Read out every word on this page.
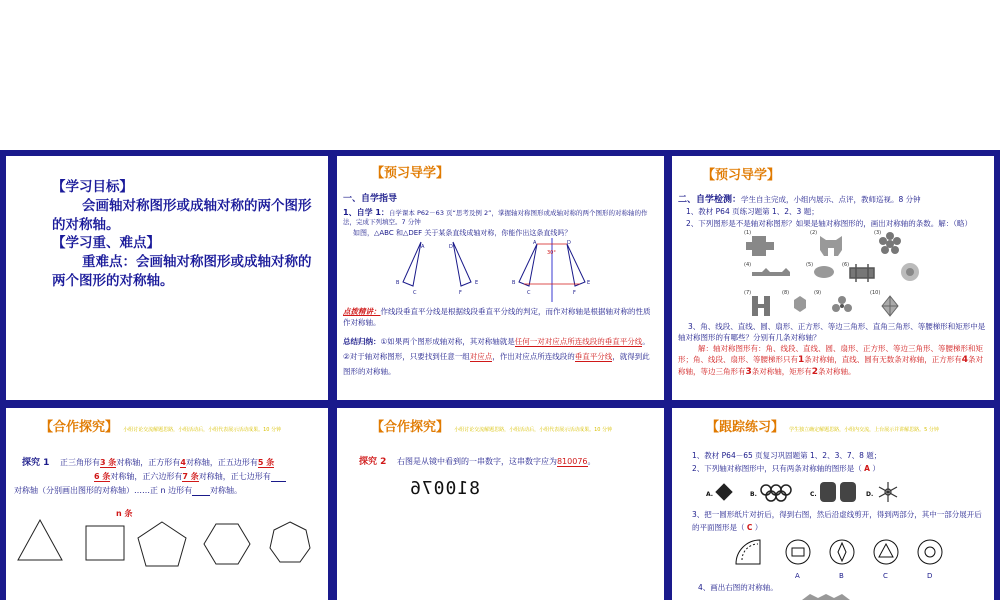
【学习目标】
会画轴对称图形或成轴对称的两个图形的对称轴。
【学习重、难点】
重难点：会画轴对称图形或成轴对称的两个图形的对称轴。
【预习导学】
一、自学指导
1、自学 1：自学课本 P62－63 页“思考及例 2”，掌握轴对称图形或成轴对称的两个图形的对称轴的作法，完成下列填空。7 分钟
如图，△ABC 和△DEF 关于某条直线成轴对称，你能作出这条直线吗？
B
C
A	D
F
E
30°
B
C
A	D
F
E
点拨精讲：作线段垂直平分线是根据线段垂直平分线的判定，而作对称轴是根据轴对称的性质作对称轴。
总结归纳：①如果两个图形成轴对称，其对称轴就是任何一对对应点所连线段的垂直平分线。②对于轴对称图形，只要找到任意一组对应点，作出对应点所连线段的垂直平分线，就得到此图形的对称轴。
【预习导学】
二、自学检测：学生自主完成，小组内展示、点评，教师巡视。8 分钟
1、教材 P64 页练习题第 1、2、3 题；
2、下列图形是不是轴对称图形？如果是轴对称图形的，画出对称轴的条数。解：（略）
(1)	(2)	(3)
(4)	(5)	(6)
(7)	(8)	(9)	(10)
3、角、线段、直线、圆、扇形、正方形、等边三角形、直角三角形、等腰梯形和矩形中是轴对称图形的有哪些？分别有几条对称轴？
解：轴对称图形有：角、线段、直线、圆、扇形、正方形、等边三角形、等腰梯形和矩形；角、线段、扇形、等腰梯形只有1条对称轴，直线、圆有无数条对称轴，正方形有4条对称轴，等边三角形有3条对称轴，矩形有2条对称轴。
【合作探究】 小组讨论交流解题思路，小组活动后，小组代表展示活动成果。10 分钟
探究 1 正三角形有3 条对称轴，正方形有4对称轴，正五边形有5 条
6 条对称轴，正六边形有7 条对称轴，正七边形有
对称轴（分别画出图形的对称轴）……正 n 边形有 对称轴。
n 条
【合作探究】 小组讨论交流解题思路，小组活动后，小组代表展示活动成果。10 分钟
探究 2 右图是从镜中看到的一串数字，这串数字应为810076。
810076
【跟踪练习】 学生独立确定解题思路，小组内交流，上台展示并讲解思路。5 分钟
1、教材 P64－65 页复习巩固题第 1、2、3、7、8 题；
2、下列轴对称图形中，只有两条对称轴的图形是（ A ）
A.	B.	C.	D.
3、把一圆形纸片对折后，得到右图，然后沿虚线剪开，得到两部分，其中一部分展开后的平面图形是（ C ）
A	B	C	D
4、画出右图的对称轴。
